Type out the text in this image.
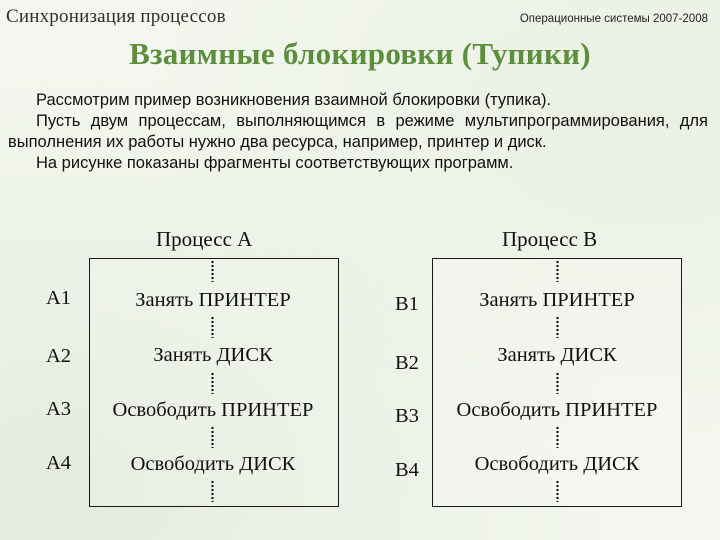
Синхронизация процессов	Операционные системы 2007-2008
Взаимные блокировки (Тупики)

Рассмотрим пример возникновения взаимной блокировки (тупика).

Пусть двум процессам, выполняющимся в режиме мультипрограммирования, для выполнения их работы нужно два ресурса, например, принтер и диск.

На рисунке показаны фрагменты соответствующих программ.

Процесс А
А1
А2
А3
А4
Занять ПРИНТЕР
Занять ДИСК
Освободить ПРИНТЕР
Освободить ДИСК
Процесс В
В1
В2
В3
В4
Занять ПРИНТЕР
Занять ДИСК
Освободить ПРИНТЕР
Освободить ДИСК
